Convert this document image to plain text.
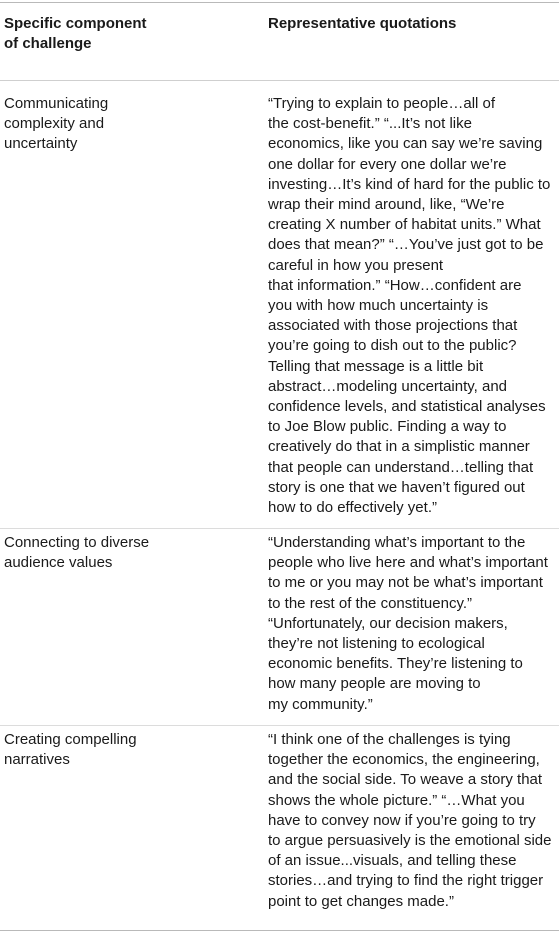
Specific component
of challenge
Representative quotations
Communicating
complexity and
uncertainty
“Trying to explain to people…all of
the cost-benefit.” “...It’s not like
economics, like you can say we’re saving
one dollar for every one dollar we’re
investing…It’s kind of hard for the public to
wrap their mind around, like, “We’re
creating X number of habitat units.” What
does that mean?” “…You’ve just got to be
careful in how you present
that information.” “How…confident are
you with how much uncertainty is
associated with those projections that
you’re going to dish out to the public?
Telling that message is a little bit
abstract…modeling uncertainty, and
confidence levels, and statistical analyses
to Joe Blow public. Finding a way to
creatively do that in a simplistic manner
that people can understand…telling that
story is one that we haven’t figured out
how to do effectively yet.”
Connecting to diverse
audience values
“Understanding what’s important to the
people who live here and what’s important
to me or you may not be what’s important
to the rest of the constituency.”
“Unfortunately, our decision makers,
they’re not listening to ecological
economic benefits. They’re listening to
how many people are moving to
my community.”
Creating compelling
narratives
“I think one of the challenges is tying
together the economics, the engineering,
and the social side. To weave a story that
shows the whole picture.” “…What you
have to convey now if you’re going to try
to argue persuasively is the emotional side
of an issue...visuals, and telling these
stories…and trying to find the right trigger
point to get changes made.”
